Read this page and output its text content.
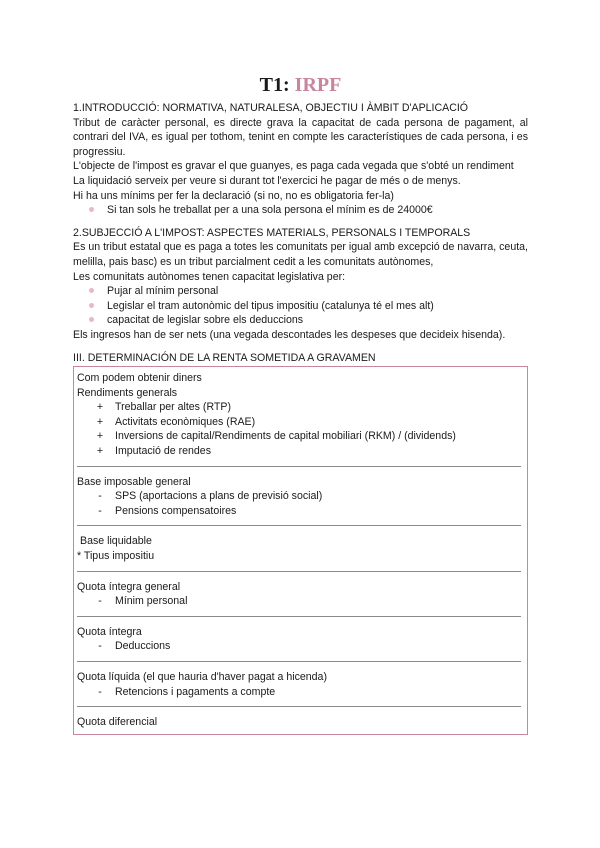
T1: IRPF

1.INTRODUCCIÓ: NORMATIVA, NATURALESA, OBJECTIU I ÀMBIT D'APLICACIÓ

Tribut de caràcter personal, es directe grava la capacitat de cada persona de pagament, al contrari del IVA, es igual per tothom, tenint en compte les característiques de cada persona, i es progressiu.

L'objecte de l'impost es gravar el que guanyes, es paga cada vegada que s'obté un rendiment

La liquidació serveix per veure si durant tot l'exercici he pagar de més o de menys.

Hi ha uns mínims per fer la declaració (si no, no es obligatoria fer-la)

Si tan sols he treballat per a una sola persona el mínim es de 24000€

2.SUBJECCIÓ A L'IMPOST: ASPECTES MATERIALS, PERSONALS I TEMPORALS

Es un tribut estatal que es paga a totes les comunitats per igual amb excepció de navarra, ceuta, melilla, pais basc) es un tribut parcialment cedit a les comunitats autònomes,

Les comunitats autònomes tenen capacitat legislativa per:

Pujar al mínim personal
Legislar el tram autonòmic del tipus impositiu (catalunya té el mes alt)
capacitat de legislar sobre els deduccions

Els ingresos han de ser nets (una vegada descontades les despeses que decideix hisenda).

III. DETERMINACIÓN DE LA RENTA SOMETIDA A GRAVAMEN

Com podem obtenir diners

Rendiments generals

+ Treballar per altes (RTP)
+ Activitats econòmiques (RAE)
+ Inversions de capital/Rendiments de capital mobiliari (RKM) / (dividends)
+ Imputació de rendes

Base imposable general

-	SPS (aportacions a plans de previsió social)
-	Pensions compensatoires

Base liquidable

* Tipus impositiu

Quota íntegra general

-	Mínim personal

Quota íntegra

-	Deduccions

Quota líquida (el que hauria d'haver pagat a hicenda)

-	Retencions i pagaments a compte

Quota diferencial
